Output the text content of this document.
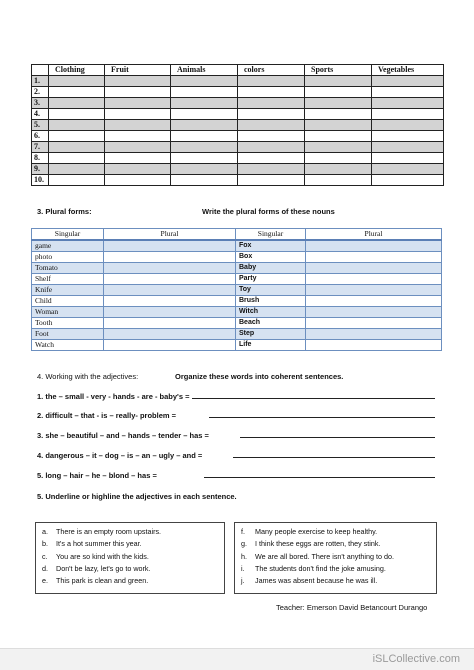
	Clothing	Fruit	Animals	colors	Sports	Vegetables
1.						
2.						
3.						
4.						
5.						
6.						
7.						
8.						
9.						
10.						
3. Plural forms:	Write the plural forms of these nouns
Singular	Plural	Singular	Plural
game		Fox	
photo		Box	
Tomato		Baby	
Shelf		Party	
Knife		Toy	
Child		Brush	
Woman		Witch	
Tooth		Beach	
Foot		Step	
Watch		Life	
4. Working with the adjectives:	Organize these words into coherent sentences.
1. the – small - very - hands - are - baby's =
2. difficult – that - is – really- problem =
3. she – beautiful – and – hands – tender – has =
4. dangerous – it – dog – is – an – ugly – and =
5. long – hair – he – blond – has =
5. Underline or highline the adjectives in each sentence.
a. There is an empty room upstairs.
b. It's a hot summer this year.
c. You are so kind with the kids.
d. Don't be lazy, let's go to work.
e. This park is clean and green.
f. Many people exercise to keep healthy.
g. I think these eggs are rotten, they stink.
h. We are all bored. There isn't anything to do.
i. The students don't find the joke amusing.
j. James was absent because he was ill.
Teacher: Emerson David Betancourt Durango
iSLCollective.com
